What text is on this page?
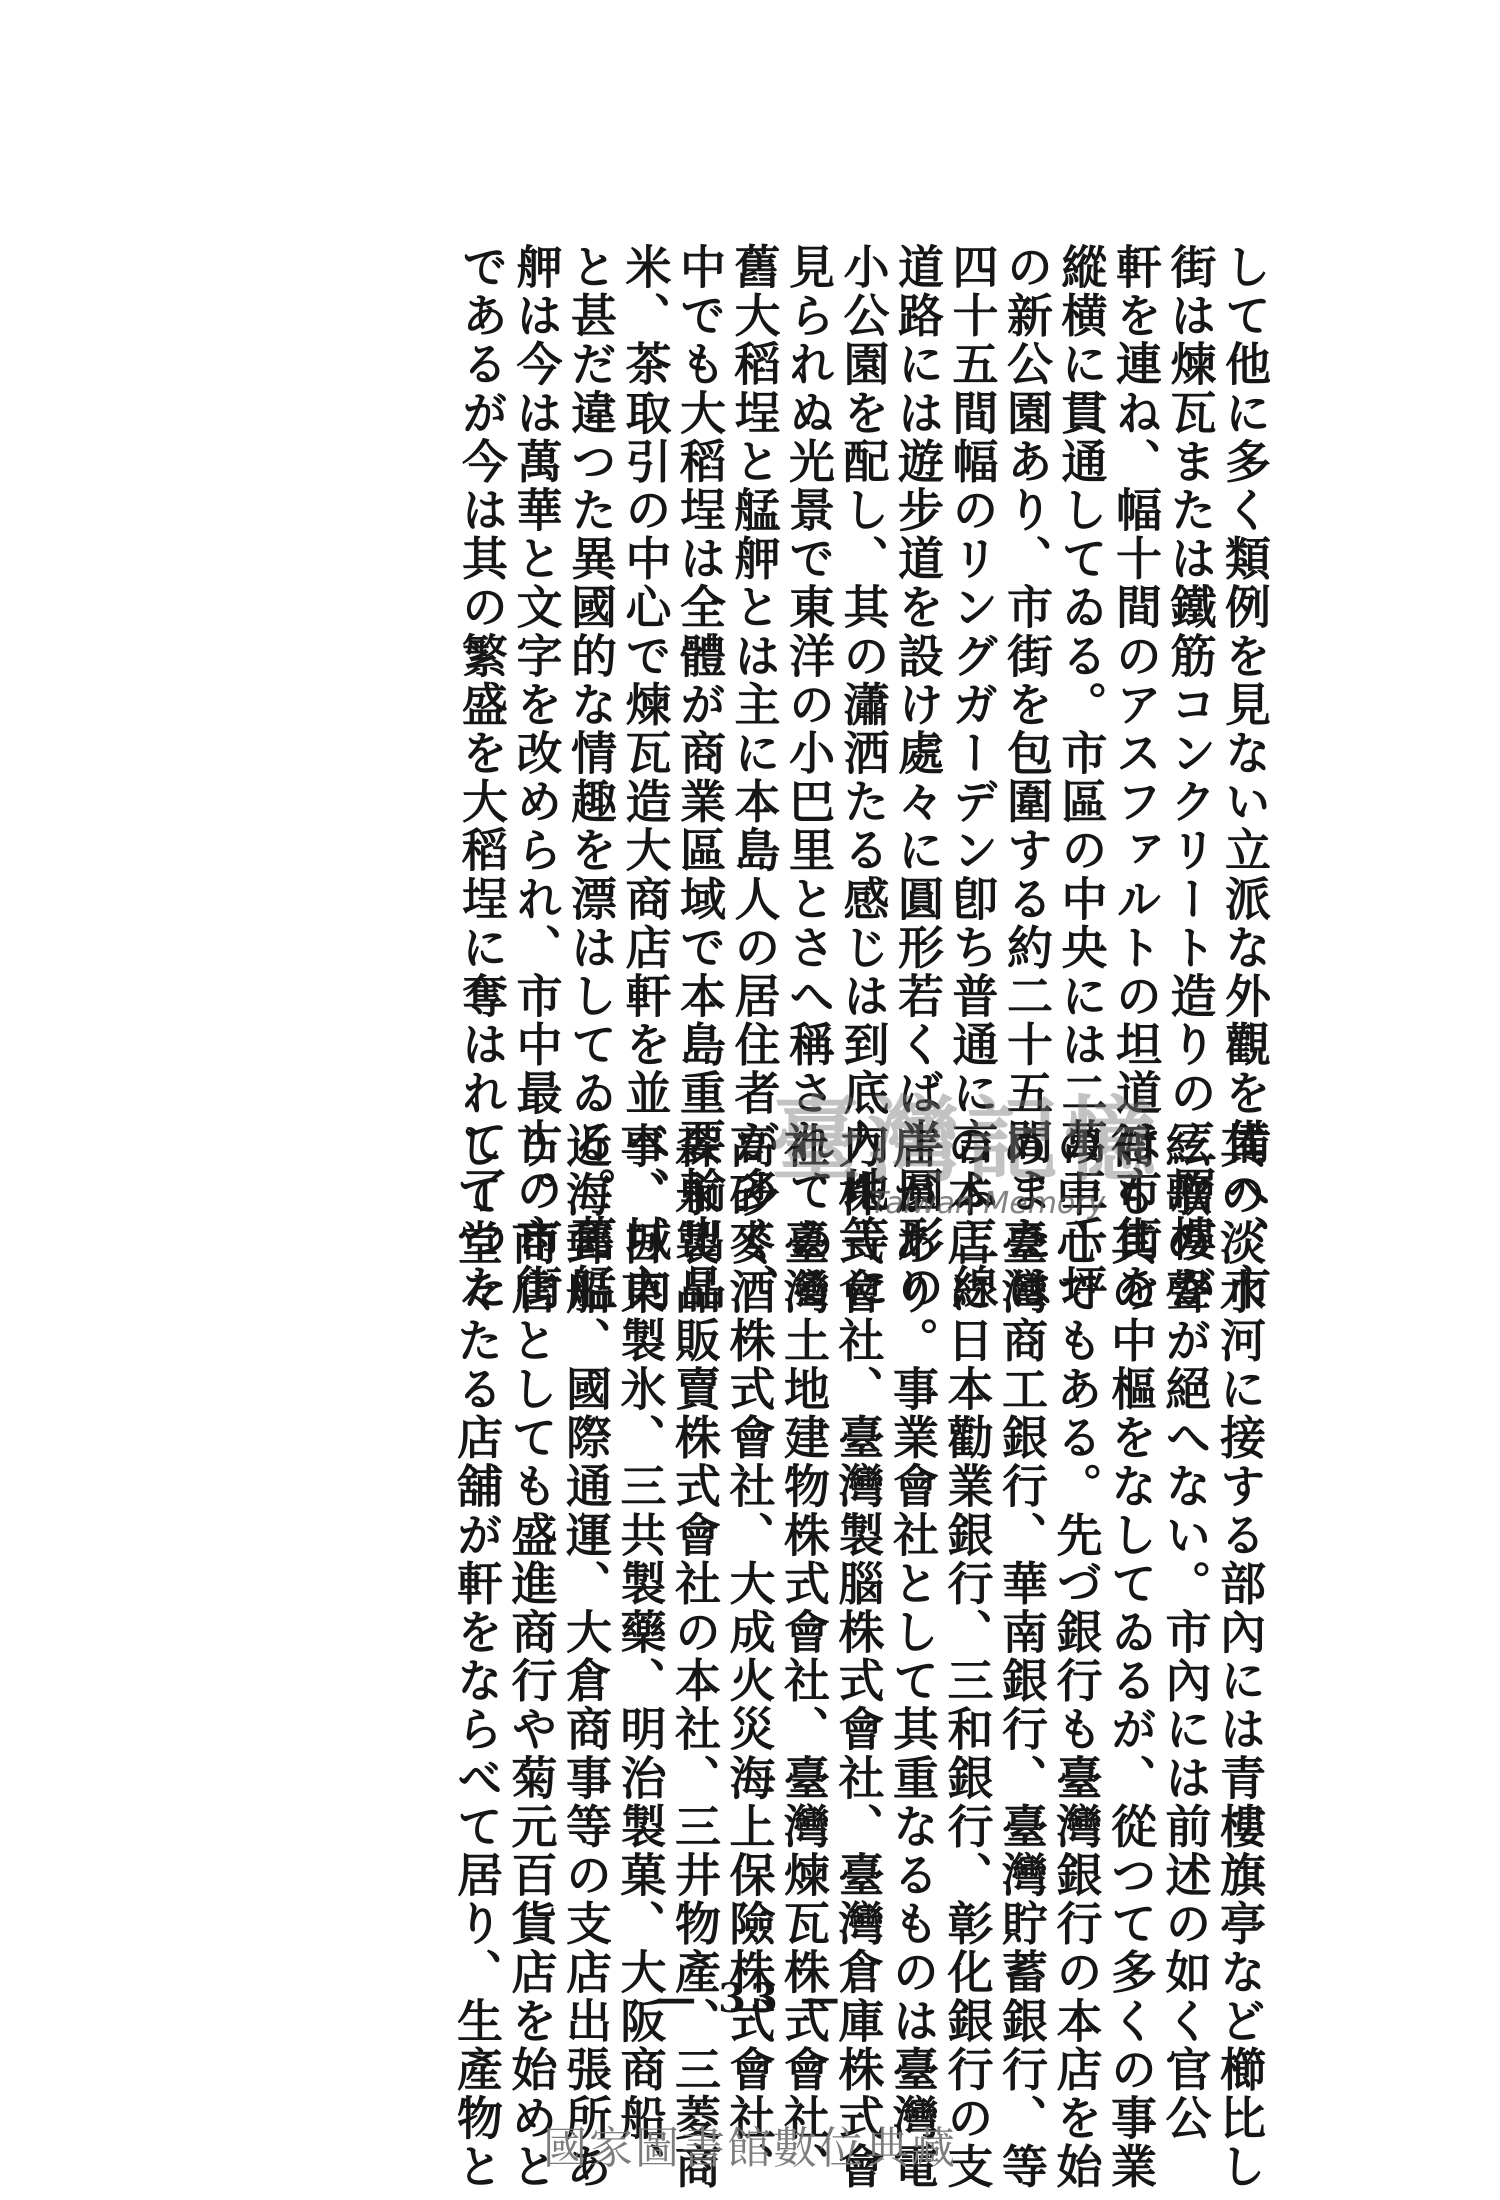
して他に多く類例を見ない立派な外觀を備へ、市
街は煉瓦または鐵筋コンクリート造りの三層樓が
軒を連ね、幅十間のアスファルトの坦道は市街を
縱横に貫通してゐる。市區の中央には二萬三千坪
の新公園あり、市街を包圍する約二十五間または
四十五間幅のリングガーデン卽ち普通に言ふ三線
道路には遊步道を設け處々に圓形若くば半圓形の
小公園を配し、其の瀟洒たる感じは到底內地等に
見られぬ光景で東洋の小巴里とさへ稱されてゐる
舊大稻埕と艋舺とは主に本島人の居住者が多く、
中でも大稻埕は全體が商業區域で本島重要輸出品
米、茶取引の中心で煉瓦造大商店軒を並べ、城內
と甚だ違つた異國的な情趣を漂はしてゐる。舊艋
舺は今は萬華と文字を改められ、市中最古の市街
であるが今は其の繁盛を大稻埕に奪はれて了つた
其の淡水河に接する部內には青樓旗亭など櫛比し
絃歌の聲が絕へない。市內には前述の如く官公
衙も其の中樞をなしてゐるが、從つて多くの事業
の中心でもある。先づ銀行も臺灣銀行の本店を始
め、臺灣商工銀行、華南銀行、臺灣貯蓄銀行、等
の本店に日本勸業銀行、三和銀行、彰化銀行の支
店があり。事業會社として其重なるものは臺灣電
力株式會社、臺灣製腦株式會社、臺灣倉庫株式會
社、臺灣土地建物株式會社、臺灣煉瓦株式會社、
高砂麥酒株式會社、大成火災海上保險株式會社、
森永製品販賣株式會社の本社、三井物產、三菱商
事、日東製氷、三共製藥、明治製菓、大阪商船、
近海郵船、國際通運、大倉商事等の支店出張所あ
り。商店としても盛進商行や菊元百貨店を始めと
して堂々たる店舖が軒をならべて居り、生產物と	臺灣記憶
Taiwan Memory
— 33 —
國家圖書館數位典藏
